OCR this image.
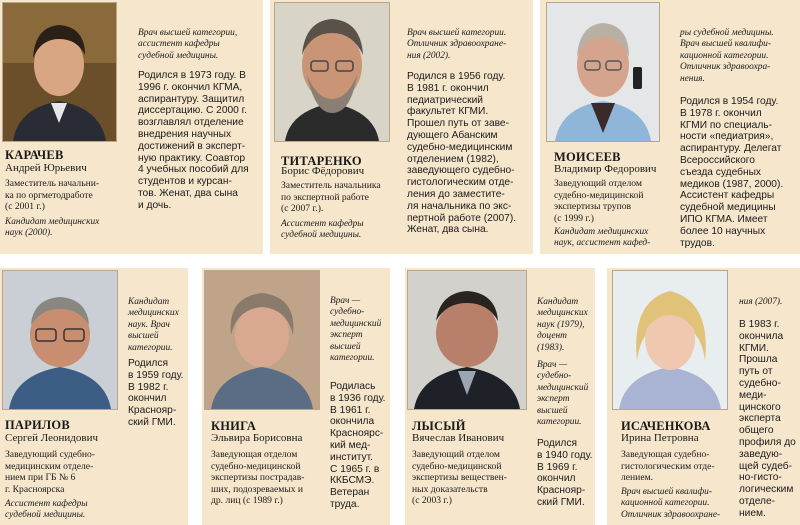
КАРАЧЕВ
Андрей Юрьевич
Заместитель начальни-
ка по оргметодработе
(с 2001 г.)
Кандидат медицинских
наук (2000).
Врач высшей категории,
ассистент кафедры
судебной медицины.
Родился в 1973 году. В
1996 г. окончил КГМА,
аспирантуру. Защитил
диссертацию. С 2000 г.
возглавлял отделение
внедрения научных
достижений в эксперт-
ную практику. Соавтор
4 учебных пособий для
студентов и курсан-
тов. Женат, два сына
и дочь.
ТИТАРЕНКО
Борис Фёдорович
Заместитель начальника
по экспертной работе
(с 2007 г.).
Ассистент кафедры
судебной медицины.
Врач высшей категории.
Отличник здравоохране-
ния (2002).
Родился в 1956 году.
В 1981 г. окончил
педиатрический
факультет КГМИ.
Прошел путь от заве-
дующего Абанским
судебно-медицинским
отделением (1982),
заведующего судебно-
гистологическим отде-
ления до заместите-
ля начальника по экс-
пертной работе (2007).
Женат, два сына.
МОИСЕЕВ
Владимир Федорович
Заведующий отделом
судебно-медицинской
экспертизы трупов
(с 1999 г.)
Кандидат медицинских
наук, ассистент кафед-
ры судебной медицины.
Врач высшей квалифи-
кационной категории.
Отличник здравоохра-
нения.
Родился в 1954 году.
В 1978 г. окончил
КГМИ по специаль-
ности «педиатрия»,
аспирантуру. Делегат
Всероссийского
съезда судебных
медиков (1987, 2000).
Ассистент кафедры
судебной медицины
ИПО КГМА. Имеет
более 10 научных
трудов.
ПАРИЛОВ
Сергей Леонидович
Заведующий судебно-
медицинским отделе-
нием при ГБ № 6
г. Красноярска
Ассистент кафедры
судебной медицины.
Кандидат
медицинских
наук. Врач
высшей
категории.
Родился
в 1959 году.
В 1982 г.
окончил
Краснояр-
ский ГМИ.	КНИГА
Эльвира Борисовна
Заведующая отделом
судебно-медицинской
экспертизы пострадав-
ших, подозреваемых и
др. лиц (с 1989 г.)
Врач —
судебно-
медицинский
эксперт
высшей
категории.
Родилась
в 1936 году.
В 1961 г.
окончила
Красноярс-
кий мед-
институт.
С 1965 г. в
ККБСМЭ.
Ветеран
труда.
ЛЫСЫЙ
Вячеслав Иванович
Заведующий отделом
судебно-медицинской
экспертизы веществен-
ных доказательств
(с 2003 г.)
Кандидат
медицинских
наук (1979),
доцент
(1983).
Врач —
судебно-
медицинский
эксперт
высшей
категории.
Родился
в 1940 году.
В 1969 г.
окончил
Краснояр-
ский ГМИ.
ИСАЧЕНКОВА
Ирина Петровна
Заведующая судебно-
гистологическим отде-
лением.
Врач высшей квалифи-
кационной категории.
Отличник здравоохране-
ния (2007).
В 1983 г.
окончила
КГМИ.
Прошла
путь от
судебно-
меди-
цинского
эксперта
общего
профиля до
заведую-
щей судеб-
но-гисто-
логическим
отделе-
нием.
